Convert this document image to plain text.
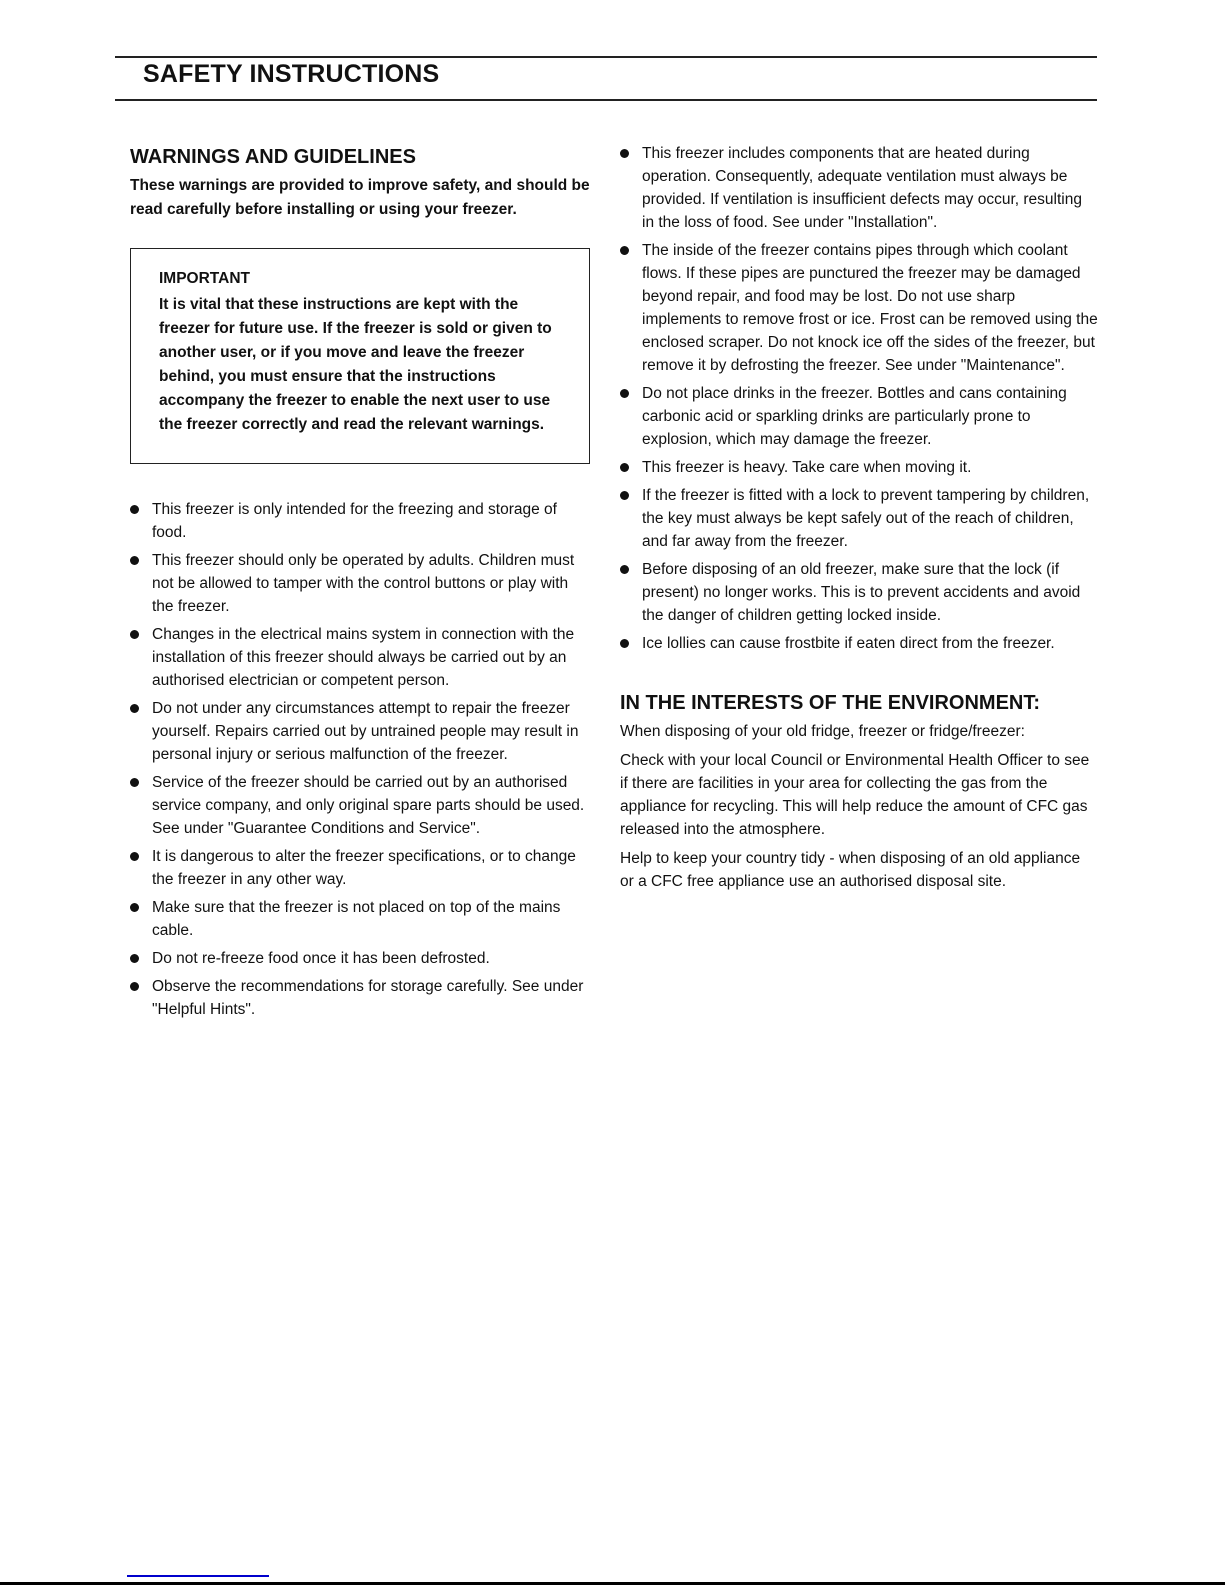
SAFETY INSTRUCTIONS
WARNINGS AND GUIDELINES
These warnings are provided to improve safety, and should be read carefully before installing or using your freezer.
IMPORTANT
It is vital that these instructions are kept with the freezer for future use. If the freezer is sold or given to another user, or if you move and leave the freezer behind, you must ensure that the instructions accompany the freezer to enable the next user to use the freezer correctly and read the relevant warnings.
This freezer is only intended for the freezing and storage of food.
This freezer should only be operated by adults. Children must not be allowed to tamper with the control buttons or play with the freezer.
Changes in the electrical mains system in connection with the installation of this freezer should always be carried out by an authorised electrician or competent person.
Do not under any circumstances attempt to repair the freezer yourself. Repairs carried out by untrained people may result in personal injury or serious malfunction of the freezer.
Service of the freezer should be carried out by an authorised service company, and only original spare parts should be used. See under "Guarantee Conditions and Service".
It is dangerous to alter the freezer specifications, or to change the freezer in any other way.
Make sure that the freezer is not placed on top of the mains cable.
Do not re-freeze food once it has been defrosted.
Observe the recommendations for storage carefully. See under "Helpful Hints".
This freezer includes components that are heated during operation. Consequently, adequate ventilation must always be provided. If ventilation is insufficient defects may occur, resulting in the loss of food. See under "Installation".
The inside of the freezer contains pipes through which coolant flows. If these pipes are punctured the freezer may be damaged beyond repair, and food may be lost. Do not use sharp implements to remove frost or ice. Frost can be removed using the enclosed scraper. Do not knock ice off the sides of the freezer, but remove it by defrosting the freezer. See under "Maintenance".
Do not place drinks in the freezer. Bottles and cans containing carbonic acid or sparkling drinks are particularly prone to explosion, which may damage the freezer.
This freezer is heavy. Take care when moving it.
If the freezer is fitted with a lock to prevent tampering by children, the key must always be kept safely out of the reach of children, and far away from the freezer.
Before disposing of an old freezer, make sure that the lock (if present) no longer works. This is to prevent accidents and avoid the danger of children getting locked inside.
Ice lollies can cause frostbite if eaten direct from the freezer.
IN THE INTERESTS OF THE ENVIRONMENT:

When disposing of your old fridge, freezer or fridge/freezer:

Check with your local Council or Environmental Health Officer to see if there are facilities in your area for collecting the gas from the appliance for recycling. This will help reduce the amount of CFC gas released into the atmosphere.

Help to keep your country tidy - when disposing of an old appliance or a CFC free appliance use an authorised disposal site.
